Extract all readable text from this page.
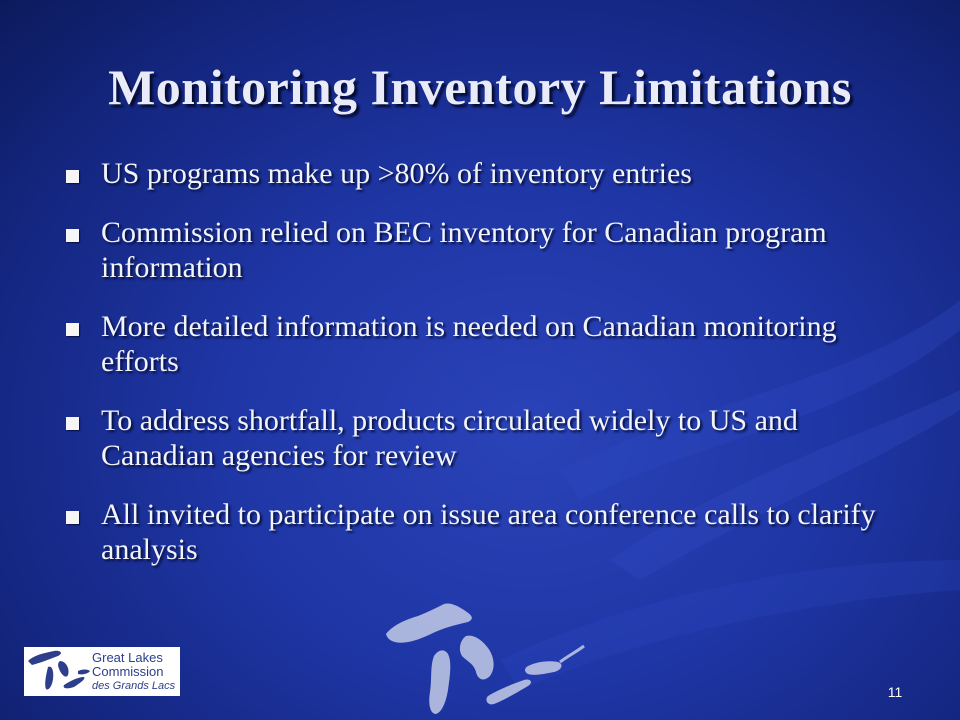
Monitoring Inventory Limitations
US programs make up >80% of inventory entries
Commission relied on BEC inventory for Canadian program information
More detailed information is needed on Canadian monitoring efforts
To address shortfall, products circulated widely to US and Canadian agencies for review
All invited to participate on issue area conference calls to clarify analysis
Great Lakes
Commission
des Grands Lacs	11
